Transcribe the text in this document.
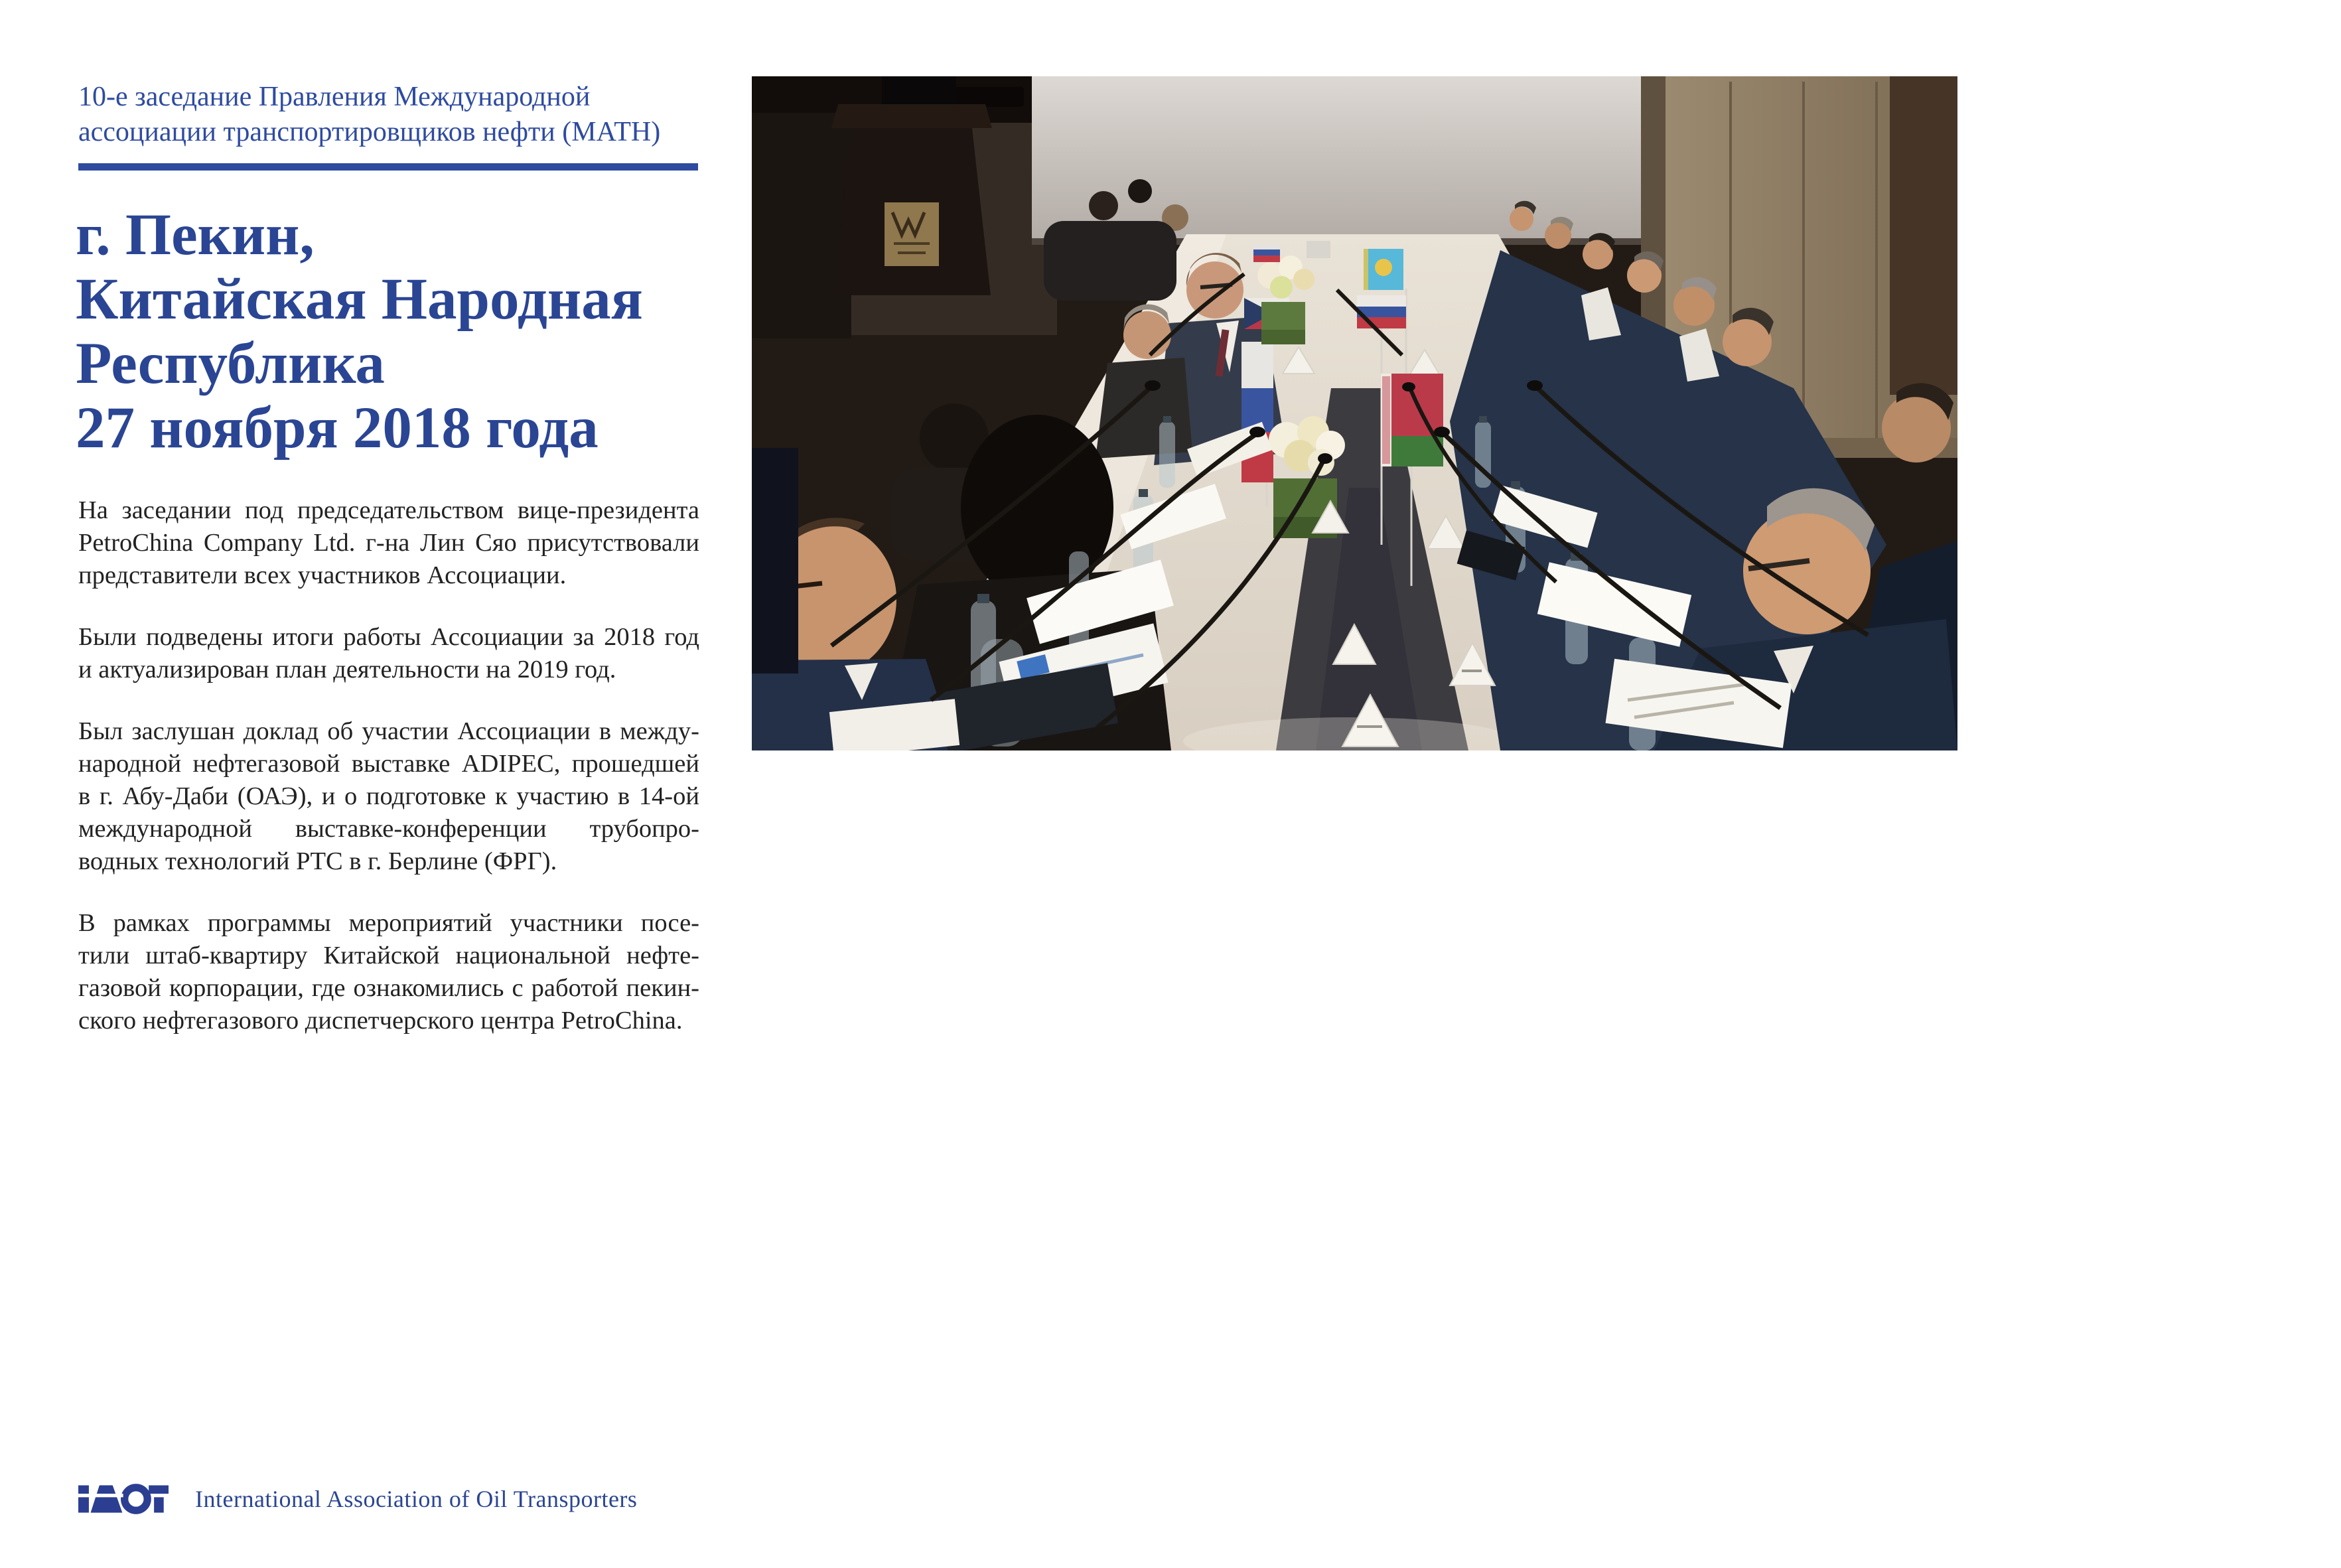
10-е заседание Правления Международной
ассоциации транспортировщиков нефти (МАТН)
г. Пекин,
Китайская Народная
Республика
27 ноября 2018 года
На заседании под председательством вице-президента
PetroChina Company Ltd. г-на Лин Сяо присутствовали
представители всех участников Ассоциации.
Были подведены итоги работы Ассоциации за 2018 год
и актуализирован план деятельности на 2019 год.
Был заслушан доклад об участии Ассоциации в между-
народной нефтегазовой выставке ADIPEC, прошедшей
в г. Абу-Даби (ОАЭ), и о подготовке к участию в 14-ой
международной выставке-конференции трубопро-
водных технологий PTC в г. Берлине (ФРГ).
В рамках программы мероприятий участники посе-
тили штаб-квартиру Китайской национальной нефте-
газовой корпорации, где ознакомились с работой пекин-
ского нефтегазового диспетчерского центра PetroChina.
International Association of Oil Transporters
